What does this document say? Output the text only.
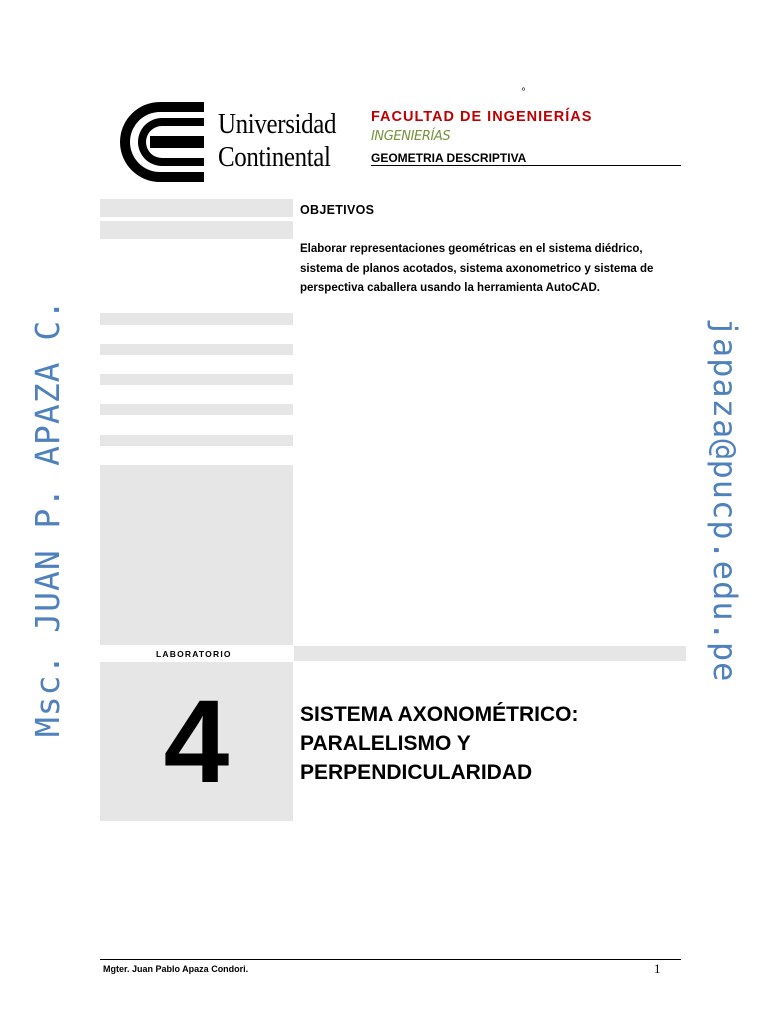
º
Universidad
Continental
FACULTAD DE INGENIERÍAS
INGENIERÍAS
GEOMETRIA DESCRIPTIVA
OBJETIVOS
Elaborar representaciones geométricas en el sistema diédrico, sistema de planos acotados, sistema axonometrico y sistema de perspectiva caballera usando la herramienta AutoCAD.
LABORATORIO
4	SISTEMA AXONOMÉTRICO: PARALELISMO Y PERPENDICULARIDAD
Msc. JUAN P. APAZA C.	japaza@pucp.edu.pe
Mgter. Juan Pablo Apaza Condori.	1
